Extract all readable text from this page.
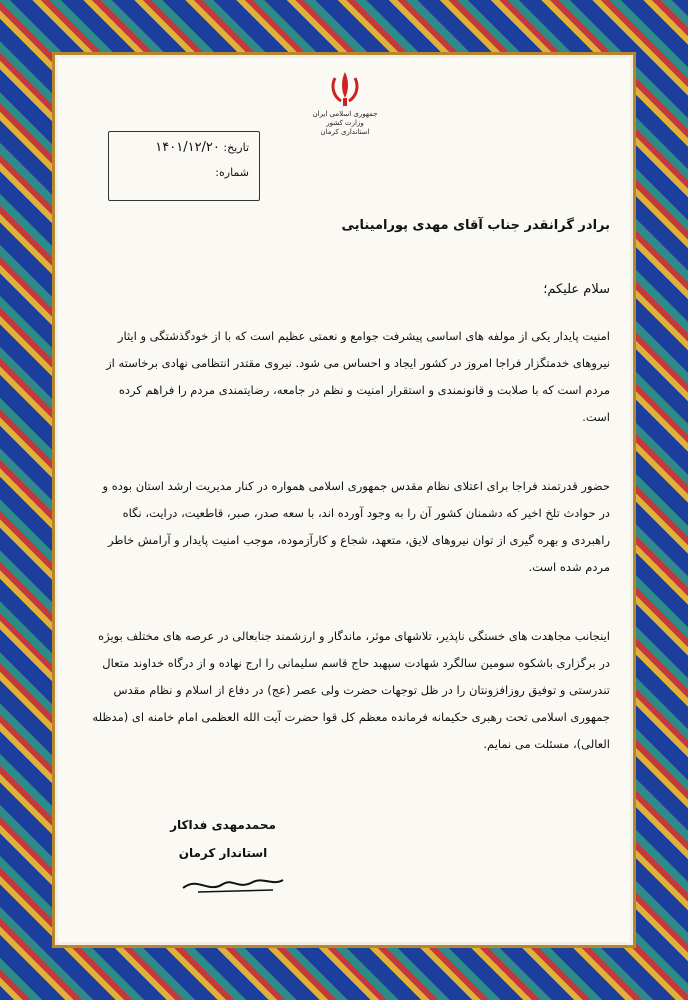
جمهوری اسلامی ایران
وزارت کشور
استانداری کرمان
تاریخ: ۱۴۰۱/۱۲/۲۰
شماره:
برادر گرانقدر جناب آقای مهدی پورامینایی
سلام علیکم؛
امنیت پایدار یکی از مولفه های اساسی پیشرفت جوامع و نعمتی عظیم است که با از خودگذشتگی و ایثار نیروهای خدمتگزار فراجا امروز در کشور ایجاد و احساس می شود. نیروی مقتدر انتظامی نهادی برخاسته از مردم است که با صلابت و قانونمندی و استقرار امنیت و نظم در جامعه، رضایتمندی مردم را فراهم کرده است.
حضور قدرتمند فراجا برای اعتلای نظام مقدس جمهوری اسلامی همواره در کنار مدیریت ارشد استان بوده و در حوادث تلخ اخیر که دشمنان کشور آن را به وجود آورده اند، با سعه صدر، صبر، قاطعیت، درایت، نگاه راهبردی و بهره گیری از توان نیروهای لایق، متعهد، شجاع و کارآزموده، موجب امنیت پایدار و آرامش خاطر مردم شده است.
اینجانب مجاهدت های خستگی ناپذیر، تلاشهای موثر، ماندگار و ارزشمند جنابعالی در عرصه های مختلف بویژه در برگزاری باشکوه سومین سالگرد شهادت سپهبد حاج قاسم سلیمانی را ارج نهاده و از درگاه خداوند متعال تندرستی و توفیق روزافزونتان را در ظل توجهات حضرت ولی عصر (عج) در دفاع از اسلام و نظام مقدس جمهوری اسلامی تحت رهبری حکیمانه فرمانده معظم کل قوا حضرت آیت الله العظمی امام خامنه ای (مدظله العالی)، مسئلت می نمایم.
محمدمهدی فداکار
استاندار کرمان
